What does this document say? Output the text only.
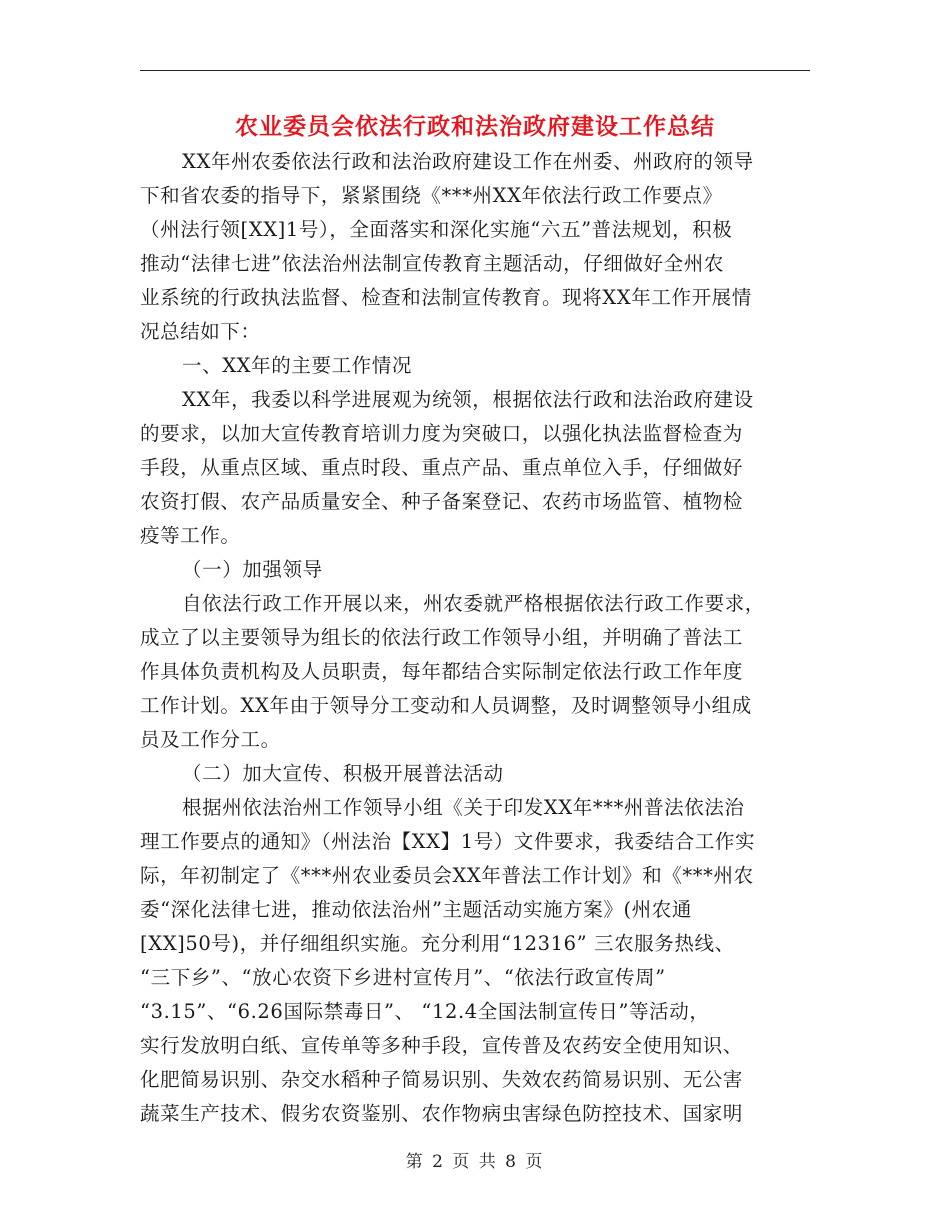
农业委员会依法行政和法治政府建设工作总结
XX年州农委依法行政和法治政府建设工作在州委、州政府的领导
下和省农委的指导下，紧紧围绕《***州XX年依法行政工作要点》
（州法行领[XX]1号），全面落实和深化实施“六五”普法规划，积极
推动“法律七进”依法治州法制宣传教育主题活动，仔细做好全州农
业系统的行政执法监督、检查和法制宣传教育。现将XX年工作开展情
况总结如下：
一、XX年的主要工作情况
XX年，我委以科学进展观为统领，根据依法行政和法治政府建设
的要求，以加大宣传教育培训力度为突破口，以强化执法监督检查为
手段，从重点区域、重点时段、重点产品、重点单位入手，仔细做好
农资打假、农产品质量安全、种子备案登记、农药市场监管、植物检
疫等工作。
（一）加强领导
自依法行政工作开展以来，州农委就严格根据依法行政工作要求，
成立了以主要领导为组长的依法行政工作领导小组，并明确了普法工
作具体负责机构及人员职责，每年都结合实际制定依法行政工作年度
工作计划。XX年由于领导分工变动和人员调整，及时调整领导小组成
员及工作分工。
（二）加大宣传、积极开展普法活动
根据州依法治州工作领导小组《关于印发XX年***州普法依法治
理工作要点的通知》（州法治【XX】1号）文件要求，我委结合工作实
际，年初制定了《***州农业委员会XX年普法工作计划》和《***州农
委“深化法律七进，推动依法治州”主题活动实施方案》(州农通
[XX]50号)，并仔细组织实施。充分利用“12316” 三农服务热线、
“三下乡”、“放心农资下乡进村宣传月”、“依法行政宣传周”
“3.15”、“6.26国际禁毒日”、 “12.4全国法制宣传日”等活动，
实行发放明白纸、宣传单等多种手段，宣传普及农药安全使用知识、
化肥简易识别、杂交水稻种子简易识别、失效农药简易识别、无公害
蔬菜生产技术、假劣农资鉴别、农作物病虫害绿色防控技术、国家明
第 2 页 共 8 页
